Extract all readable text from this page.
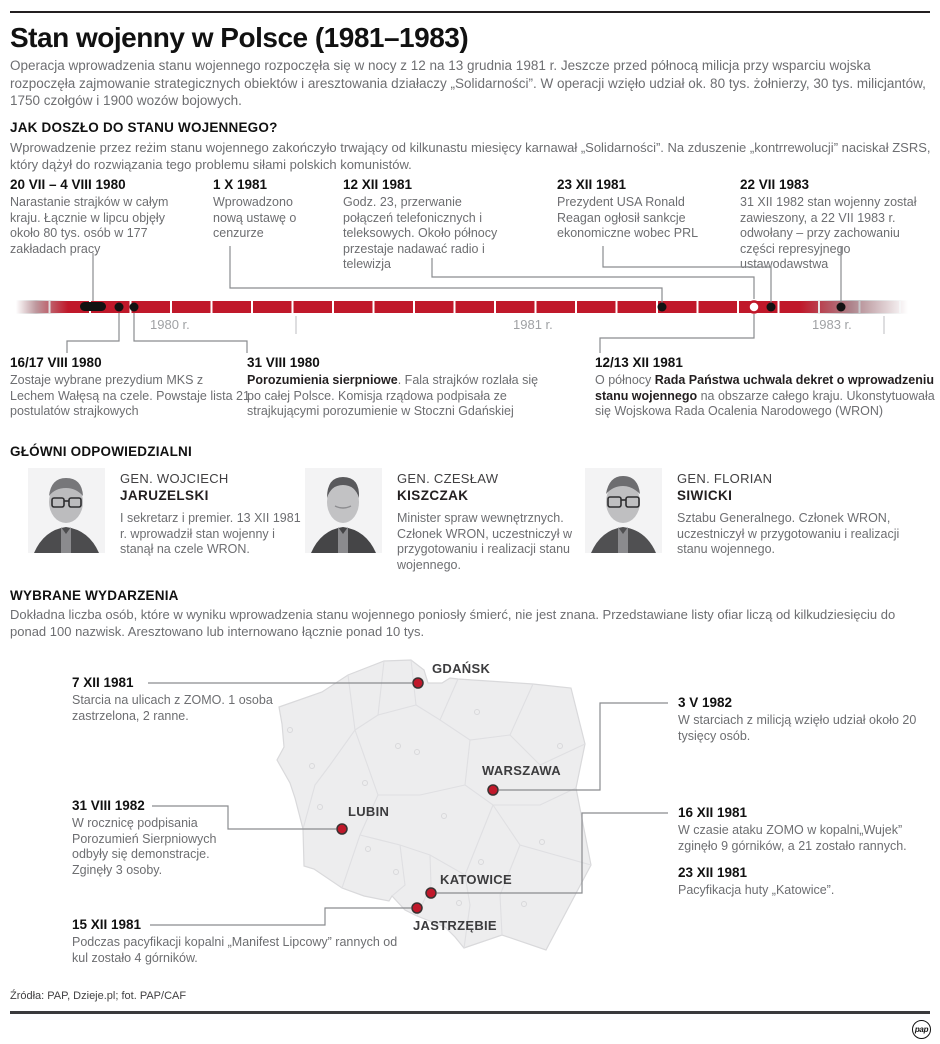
Stan wojenny w Polsce (1981–1983)
Operacja wprowadzenia stanu wojennego rozpoczęła się w nocy z 12 na 13 grudnia 1981 r. Jeszcze przed północą milicja przy wsparciu wojska rozpoczęła zajmowanie strategicznych obiektów i aresztowania działaczy „Solidarności”. W operacji wzięło udział ok. 80 tys. żołnierzy, 30 tys. milicjantów, 1750 czołgów i 1900 wozów bojowych.
JAK DOSZŁO DO STANU WOJENNEGO?
Wprowadzenie przez reżim stanu wojennego zakończyło trwający od kilkunastu miesięcy karnawał „Solidarności”. Na zduszenie „kontrrewolucji” naciskał ZSRS, który dążył do rozwiązania tego problemu siłami polskich komunistów.
20 VII – 4 VIII 1980
Narastanie strajków w całym kraju. Łącznie w lipcu objęły około 80 tys. osób w 177 zakładach pracy
1 X 1981
Wprowadzono nową ustawę o cenzurze
12 XII 1981
Godz. 23, przerwanie połączeń telefonicznych i teleksowych. Około północy przestaje nadawać radio i telewizja
23 XII 1981
Prezydent USA Ronald Reagan ogłosił sankcje ekonomiczne wobec PRL
22 VII 1983
31 XII 1982 stan wojenny został zawieszony, a 22 VII 1983 r. odwołany – przy zachowaniu części represyjnego ustawodawstwa
1980 r.	1981 r.	1983 r.
16/17 VIII 1980
Zostaje wybrane prezydium MKS z Lechem Wałęsą na czele. Powstaje lista 21 postulatów strajkowych
31 VIII 1980
Porozumienia sierpniowe. Fala strajków rozlała się po całej Polsce. Komisja rządowa podpisała ze strajkującymi porozumienie w Stoczni Gdańskiej
12/13 XII 1981
O północy Rada Państwa uchwala dekret o wprowadzeniu stanu wojennego na obszarze całego kraju. Ukonstytuowała się Wojskowa Rada Ocalenia Narodowego (WRON)
GŁÓWNI ODPOWIEDZIALNI
GEN. WOJCIECH
JARUZELSKI
I sekretarz i premier. 13 XII 1981 r. wprowadził stan wojenny i stanął na czele WRON.
GEN. CZESŁAW
KISZCZAK
Minister spraw wewnętrznych. Członek WRON, uczestniczył w przygotowaniu i realizacji stanu wojennego.
GEN. FLORIAN
SIWICKI
Sztabu Generalnego. Członek WRON, uczestniczył w przygotowaniu i realizacji stanu wojennego.
WYBRANE WYDARZENIA
Dokładna liczba osób, które w wyniku wprowadzenia stanu wojennego poniosły śmierć, nie jest znana. Przedstawiane listy ofiar liczą od kilkudziesięciu do ponad 100 nazwisk. Aresztowano lub internowano łącznie ponad 10 tys.
GDAŃSK
WARSZAWA
LUBIN
KATOWICE
JASTRZĘBIE
7 XII 1981
Starcia na ulicach z ZOMO. 1 osoba zastrzelona, 2 ranne.
31 VIII 1982
W rocznicę podpisania Porozumień Sierpniowych odbyły się demonstracje. Zginęły 3 osoby.
15 XII 1981
Podczas pacyfikacji kopalni „Manifest Lipcowy” rannych od kul zostało 4 górników.
3 V 1982
W starciach z milicją wzięło udział około 20 tysięcy osób.
16 XII 1981
W czasie ataku ZOMO w kopalni„Wujek” zginęło 9 górników, a 21 zostało rannych.
23 XII 1981
Pacyfikacja huty „Katowice”.
Źródła: PAP, Dzieje.pl; fot. PAP/CAF
pap
